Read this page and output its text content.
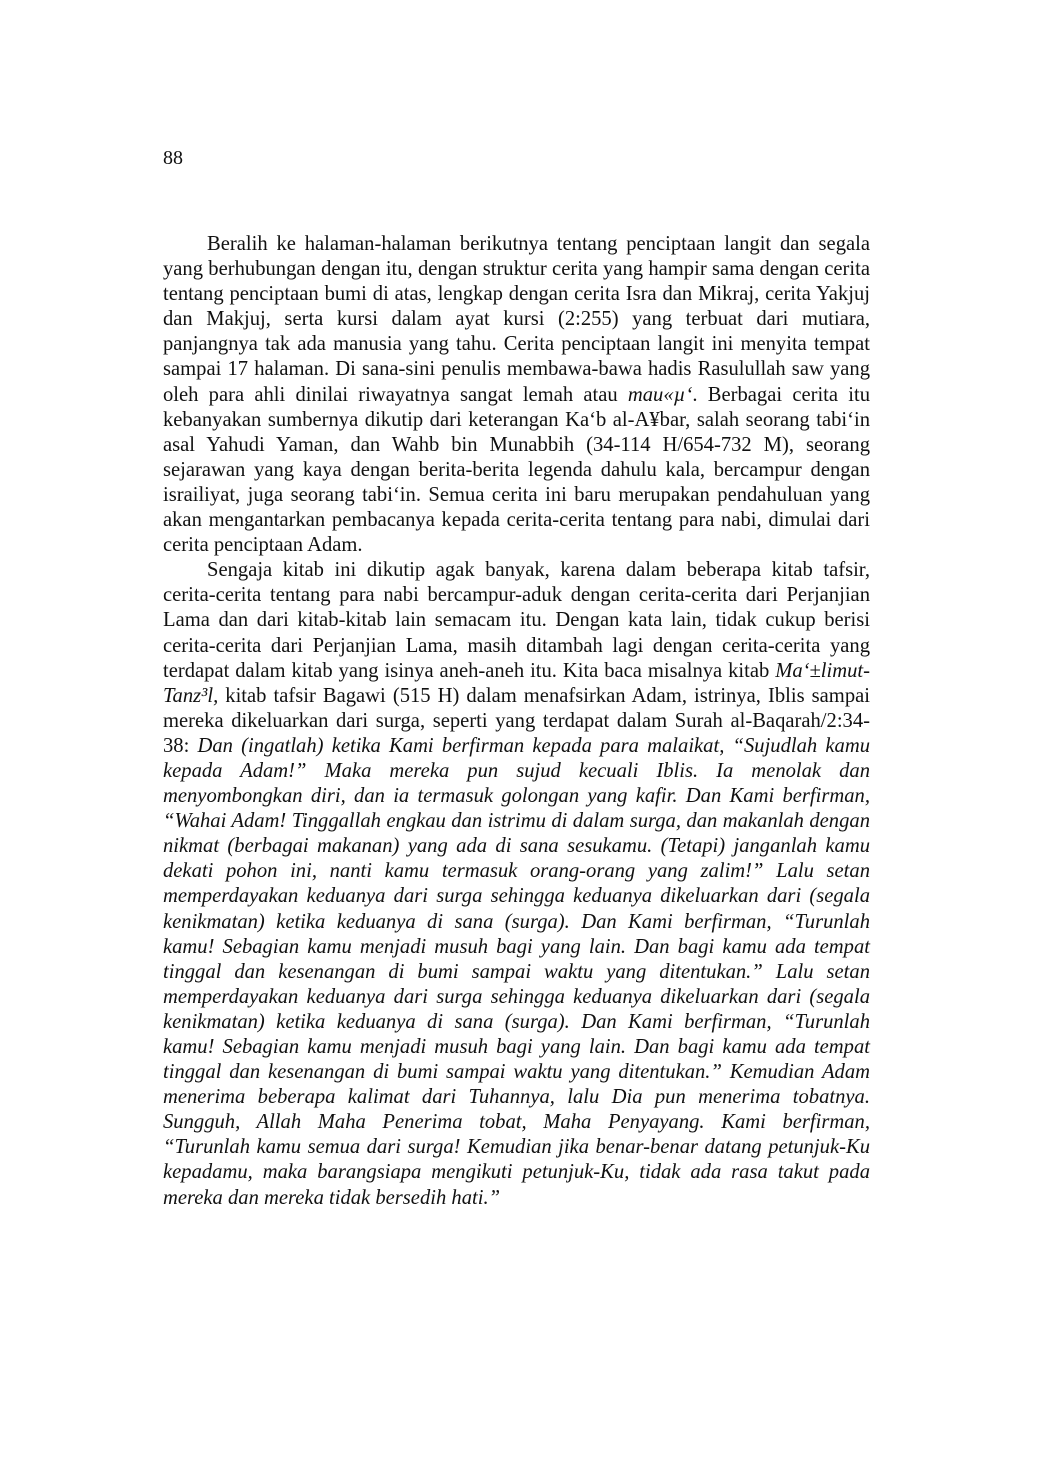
88

Beralih ke halaman-halaman berikutnya tentang penciptaan langit dan segala yang berhubungan dengan itu, dengan struktur cerita yang hampir sama dengan cerita tentang penciptaan bumi di atas, lengkap dengan cerita Isra dan Mikraj, cerita Yakjuj dan Makjuj, serta kursi dalam ayat kursi (2:255) yang terbuat dari mutiara, panjangnya tak ada manusia yang tahu. Cerita penciptaan langit ini menyita tempat sampai 17 halaman. Di sana-sini penulis membawa-bawa hadis Rasulullah saw yang oleh para ahli dinilai riwayatnya sangat lemah atau mau«µ‘. Berbagai cerita itu kebanyakan sumbernya dikutip dari keterangan Ka‘b al-A¥bar, salah seorang tabi‘in asal Yahudi Yaman, dan Wahb bin Munabbih (34-114 H/654-732 M), seorang sejarawan yang kaya dengan berita-berita legenda dahulu kala, bercampur dengan israiliyat, juga seorang tabi‘in. Semua cerita ini baru merupakan pendahuluan yang akan mengantarkan pembacanya kepada cerita-cerita tentang para nabi, dimulai dari cerita penciptaan Adam.

Sengaja kitab ini dikutip agak banyak, karena dalam beberapa kitab tafsir, cerita-cerita tentang para nabi bercampur-aduk dengan cerita-cerita dari Perjanjian Lama dan dari kitab-kitab lain semacam itu. Dengan kata lain, tidak cukup berisi cerita-cerita dari Perjanjian Lama, masih ditambah lagi dengan cerita-cerita yang terdapat dalam kitab yang isinya aneh-aneh itu. Kita baca misalnya kitab Ma‘±limut-Tanz³l, kitab tafsir Bagawi (515 H) dalam menafsirkan Adam, istrinya, Iblis sampai mereka dikeluarkan dari surga, seperti yang terdapat dalam Surah al-Baqarah/2:34-38: Dan (ingatlah) ketika Kami berfirman kepada para malaikat, “Sujudlah kamu kepada Adam!” Maka mereka pun sujud kecuali Iblis. Ia menolak dan menyombongkan diri, dan ia termasuk golongan yang kafir. Dan Kami berfirman, “Wahai Adam! Tinggallah engkau dan istrimu di dalam surga, dan makanlah dengan nikmat (berbagai makanan) yang ada di sana sesukamu. (Tetapi) janganlah kamu dekati pohon ini, nanti kamu termasuk orang-orang yang zalim!” Lalu setan memperdayakan keduanya dari surga sehingga keduanya dikeluarkan dari (segala kenikmatan) ketika keduanya di sana (surga). Dan Kami berfirman, “Turunlah kamu! Sebagian kamu menjadi musuh bagi yang lain. Dan bagi kamu ada tempat tinggal dan kesenangan di bumi sampai waktu yang ditentukan.” Lalu setan memperdayakan keduanya dari surga sehingga keduanya dikeluarkan dari (segala kenikmatan) ketika keduanya di sana (surga). Dan Kami berfirman, “Turunlah kamu! Sebagian kamu menjadi musuh bagi yang lain. Dan bagi kamu ada tempat tinggal dan kesenangan di bumi sampai waktu yang ditentukan.” Kemudian Adam menerima beberapa kalimat dari Tuhannya, lalu Dia pun menerima tobatnya. Sungguh, Allah Maha Penerima tobat, Maha Penyayang. Kami berfirman, “Turunlah kamu semua dari surga! Kemudian jika benar-benar datang petunjuk-Ku kepadamu, maka barangsiapa mengikuti petunjuk-Ku, tidak ada rasa takut pada mereka dan mereka tidak bersedih hati.”
